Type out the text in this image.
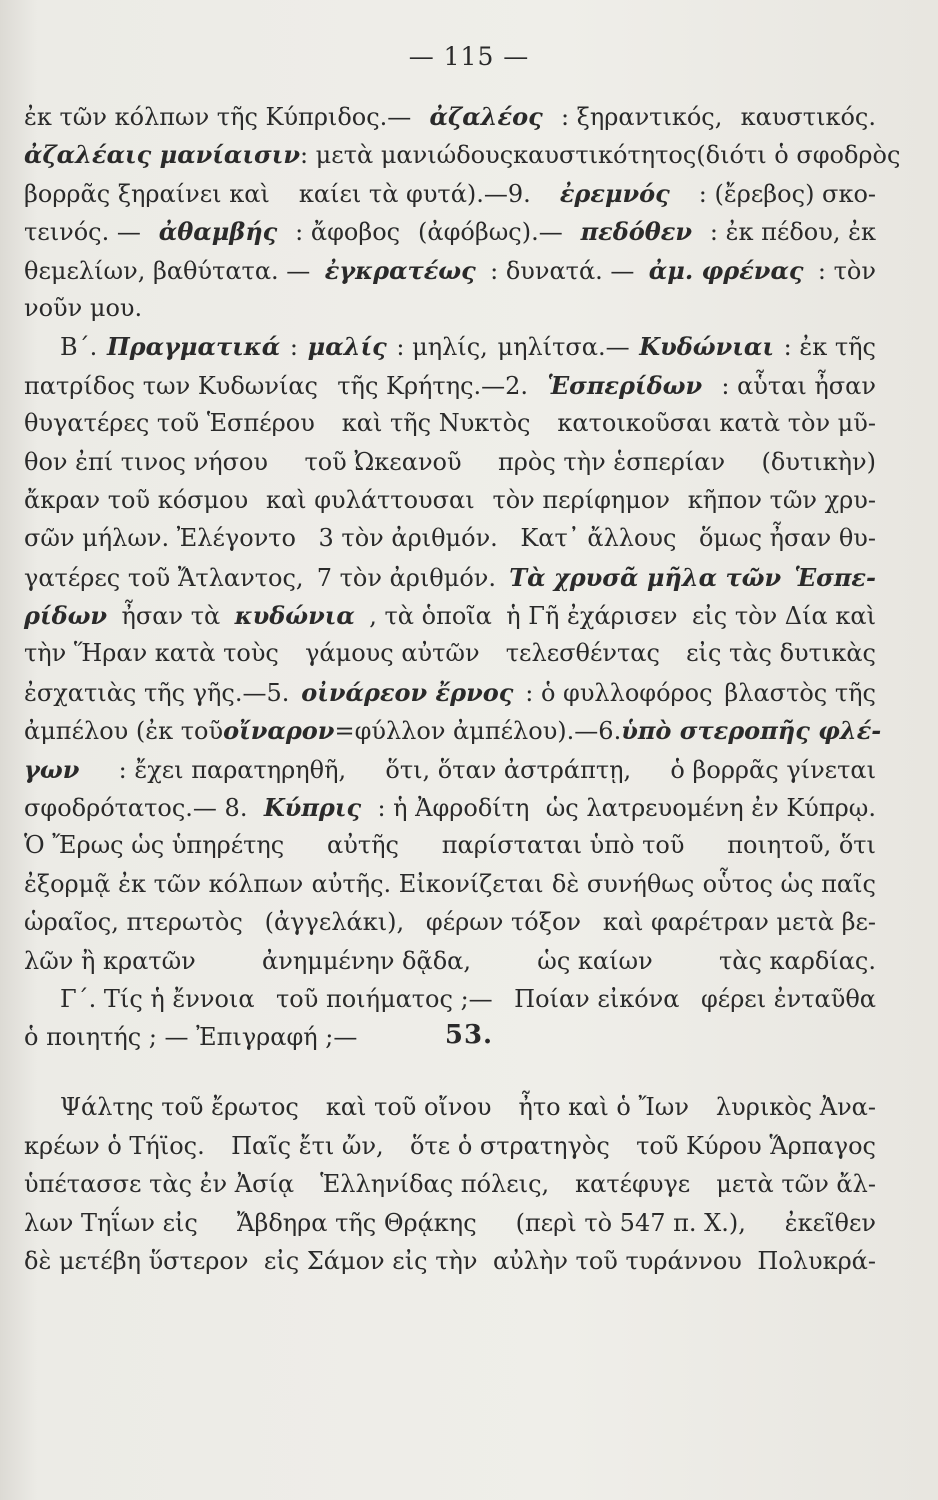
— 115 —
ἐκ τῶν κόλπων τῆς Κύπριδος.— ἀζαλέος : ξηραντικός, καυστικός.
ἀζαλέαις μανίαισιν : μετὰ μανιώδους καυστικότητος (διότι ὁ σφοδρὸς
βορρᾶς ξηραίνει καὶ καίει τὰ φυτά).—9. ἐρεμνός : (ἔρεβος) σκο-
τεινός. — ἀθαμβής : ἄφοβος (ἀφόβως).— πεδόθεν : ἐκ πέδου, ἐκ
θεμελίων, βαθύτατα. — ἐγκρατέως : δυνατά. — ἀμ. φρένας : τὸν
νοῦν μου.
Β΄. Πραγματικά : μαλίς : μηλίς, μηλίτσα.— Κυδώνιαι : ἐκ τῆς
πατρίδος των Κυδωνίας τῆς Κρήτης.—2. Ἑσπερίδων : αὗται ἦσαν
θυγατέρες τοῦ Ἑσπέρου καὶ τῆς Νυκτὸς κατοικοῦσαι κατὰ τὸν μῦ-
θον ἐπί τινος νήσου τοῦ Ὠκεανοῦ πρὸς τὴν ἑσπερίαν (δυτικὴν)
ἄκραν τοῦ κόσμου καὶ φυλάττουσαι τὸν περίφημον κῆπον τῶν χρυ-
σῶν μήλων. Ἐλέγοντο 3 τὸν ἀριθμόν. Κατ᾽ ἄλλους ὅμως ἦσαν θυ-
γατέρες τοῦ Ἄτλαντος, 7 τὸν ἀριθμόν. Τὰ χρυσᾶ μῆλα τῶν Ἑσπε-
ρίδων ἦσαν τὰ κυδώνια , τὰ ὁποῖα ἡ Γῆ ἐχάρισεν εἰς τὸν Δία καὶ
τὴν Ἥραν κατὰ τοὺς γάμους αὐτῶν τελεσθέντας εἰς τὰς δυτικὰς
ἐσχατιὰς τῆς γῆς.—5. οἰνάρεον ἔρνος : ὁ φυλλοφόρος βλαστὸς τῆς
ἀμπέλου (ἐκ τοῦ οἴναρον =φύλλον ἀμπέλου).—6. ὑπὸ στεροπῆς φλέ-
γων : ἔχει παρατηρηθῆ, ὅτι, ὅταν ἀστράπτῃ, ὁ βορρᾶς γίνεται
σφοδρότατος.— 8. Κύπρις : ἡ Ἀφροδίτη ὡς λατρευομένη ἐν Κύπρῳ.
Ὁ Ἔρως ὡς ὑπηρέτης αὐτῆς παρίσταται ὑπὸ τοῦ ποιητοῦ, ὅτι
ἐξορμᾷ ἐκ τῶν κόλπων αὐτῆς. Εἰκονίζεται δὲ συνήθως οὗτος ὡς παῖς
ὡραῖος, πτερωτὸς (ἀγγελάκι), φέρων τόξον καὶ φαρέτραν μετὰ βε-
λῶν ἢ κρατῶν	ἀνημμένην δᾷδα,	ὡς καίων	τὰς καρδίας.
Γ΄. Τίς ἡ ἔννοια τοῦ ποιήματος ;— Ποίαν εἰκόνα φέρει ἐνταῦθα
ὁ ποιητής ; — Ἐπιγραφή ;—	53.
Ψάλτης τοῦ ἔρωτος καὶ τοῦ οἴνου ἦτο καὶ ὁ Ἴων λυρικὸς Ἀνα-
κρέων ὁ Τήϊος. Παῖς ἔτι ὤν, ὅτε ὁ στρατηγὸς τοῦ Κύρου Ἅρπαγος
ὑπέτασσε τὰς ἐν Ἀσίᾳ Ἑλληνίδας πόλεις, κατέφυγε μετὰ τῶν ἄλ-
λων Τηΐων εἰς Ἄβδηρα τῆς Θρᾴκης (περὶ τὸ 547 π. Χ.), ἐκεῖθεν
δὲ μετέβη ὕστερον εἰς Σάμον εἰς τὴν αὐλὴν τοῦ τυράννου Πολυκρά-
